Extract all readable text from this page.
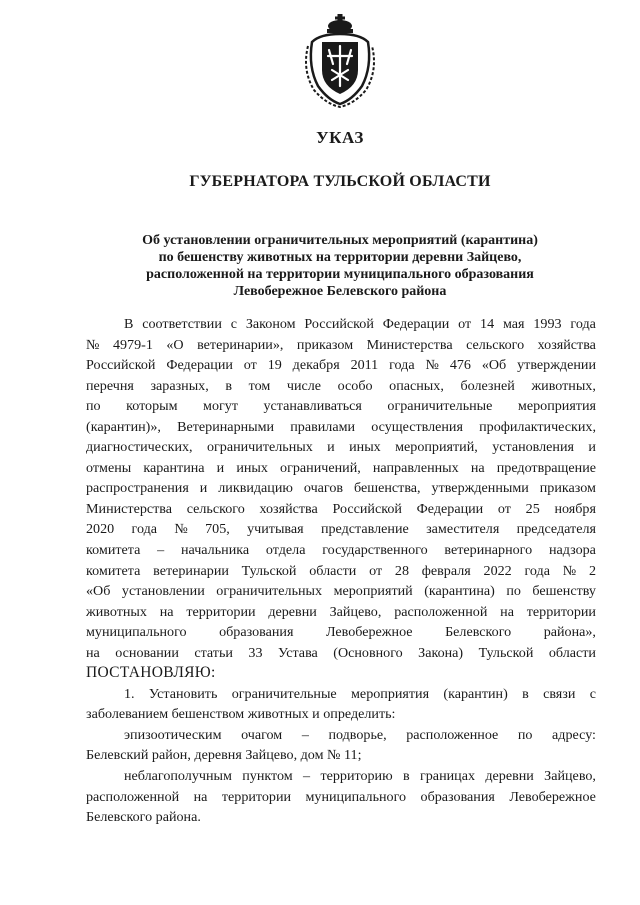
УКАЗ
ГУБЕРНАТОРА ТУЛЬСКОЙ ОБЛАСТИ
Об установлении ограничительных мероприятий (карантина)
по бешенству животных на территории деревни Зайцево,
расположенной на территории муниципального образования
Левобережное Белевского района
В соответствии с Законом Российской Федерации от 14 мая 1993 года
№ 4979-1 «О ветеринарии», приказом Министерства сельского хозяйства
Российской Федерации от 19 декабря 2011 года № 476 «Об утверждении
перечня заразных, в том числе особо опасных, болезней животных,
по которым могут устанавливаться ограничительные мероприятия
(карантин)», Ветеринарными правилами осуществления профилактических,
диагностических, ограничительных и иных мероприятий, установления и
отмены карантина и иных ограничений, направленных на предотвращение
распространения и ликвидацию очагов бешенства, утвержденными приказом
Министерства сельского хозяйства Российской Федерации от 25 ноября
2020 года № 705, учитывая представление заместителя председателя
комитета – начальника отдела государственного ветеринарного надзора
комитета ветеринарии Тульской области от 28 февраля 2022 года № 2
«Об установлении ограничительных мероприятий (карантина) по бешенству
животных на территории деревни Зайцево, расположенной на территории
муниципального образования Левобережное Белевского района»,
на основании статьи 33 Устава (Основного Закона) Тульской области
ПОСТАНОВЛЯЮ:
1. Установить ограничительные мероприятия (карантин) в связи с
заболеванием бешенством животных и определить:
эпизоотическим очагом – подворье, расположенное по адресу:
Белевский район, деревня Зайцево, дом № 11;
неблагополучным пунктом – территорию в границах деревни Зайцево,
расположенной на территории муниципального образования Левобережное
Белевского района.
